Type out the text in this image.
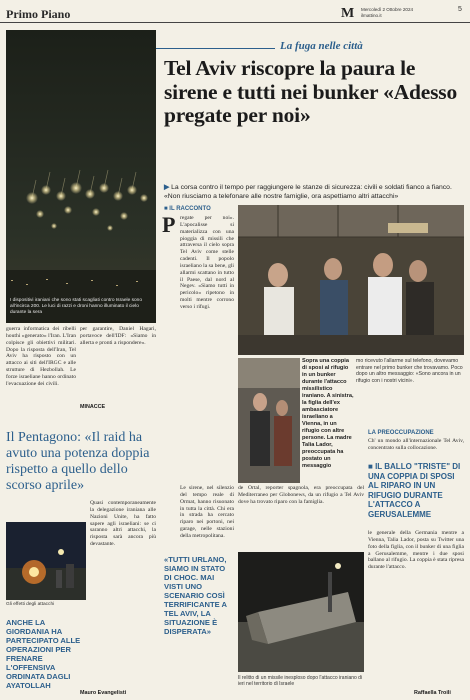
Primo Piano	M Mercoledì 2 Ottobre 2024
ilmattino.it
5
La fuga nelle città
Tel Aviv riscopre la paura le sirene e tutti nei bunker «Adesso pregate per noi»
▶ La corsa contro il tempo per raggiungere le stanze di sicurezza: civili e soldati fianco a fianco. «Non riusciamo a telefonare alle nostre famiglie, ora aspettiamo altri attacchi»
I dispositivi iraniani che sono stati scagliati contro Israele sono all'incirca 200. Le luci di razzi e droni hanno illuminato il cielo durante la sera
guerra informatica dei ribelli houthi «generato» l'Iran. L'Iran colpisce gli obiettivi militari. Dopo la risposta dell'Iran, Tel Aviv ha risposto con un attacco ai siti dell'IRGC e alle strutture di Hezbollah. Le forze israeliane hanno ordinato l'evacuazione dei civili.
per garantire, Daniel Hagari, portavoce dell'IDF: «Siamo in allerta e pronti a rispondere».
Il Pentagono: «Il raid ha avuto una potenza doppia rispetto a quello dello scorso aprile»
Gli effetti degli attacchi
ANCHE LA GIORDANIA HA PARTECIPATO ALLE OPERAZIONI PER FRENARE L'OFFENSIVA ORDINATA DAGLI AYATOLLAH
Quasi contemporaneamente la delegazione iraniana alle Nazioni Unite, ha fatto sapere agli israeliani: se ci saranno altri attacchi, la risposta sarà ancora più devastante.
MINACCE
Mauro Evangelisti
■ IL RACCONTO
P regate per noi». L'apocalisse si materializza con una pioggia di missili che attraversa il cielo sopra Tel Aviv come stelle cadenti. Il popolo israeliano la sa bene, gli allarmi scattano in tutto il Paese, dal nord al Negev. «Siamo tutti in pericolo» ripetono in molti mentre corrono verso i rifugi.
mo ricevuto l'allarme sul telefono, dovevamo entrare nel primo bunker che trovavamo. Poco dopo un altro messaggio: «Sono ancora in un rifugio con i nostri vicini».
Sopra una coppia di sposi al rifugio in un bunker durante l'attacco missilistico iraniano. A sinistra, la figlia dell'ex ambasciatore israeliano a Vienna, in un rifugio con altre persone. La madre Talia Lador, preoccupata ha postato un messaggio
Le sirene, nel silenzio del tempo reale di Ormat, hanno risuonato in tutta la città. Chi era in strada ha cercato riparo nei portoni, nei garage, nelle stazioni della metropolitana.
de Ortal, reporter spagnola, era preoccupata del Mediterraneo per Globonews, da un rifugio a Tel Aviv dove ha trovato riparo con la famiglia.
«TUTTI URLANO, SIAMO IN STATO DI CHOC. MAI VISTI UNO SCENARIO COSÌ TERRIFICANTE A TEL AVIV, LA SITUAZIONE È DISPERATA»
Il relitto di un missile inesploso dopo l'attacco iraniano di ieri nel territorio di Israele
LA PREOCCUPAZIONE
Ch' un mondo all'internazionale Tel Aviv, concentrato sulla collocazione.
■ IL BALLO "TRISTE" DI UNA COPPIA DI SPOSI AL RIPARO IN UN RIFUGIO DURANTE L'ATTACCO A GERUSALEMME
le generale della Germania mentre a Vienna, Talia Lador, posta su Twitter una foto della figlia, con il bunker di una figlia a Gerusalemme, mentre i due sposi ballano al rifugio. La coppia è stata ripresa durante l'attacco.
Raffaella Troili
